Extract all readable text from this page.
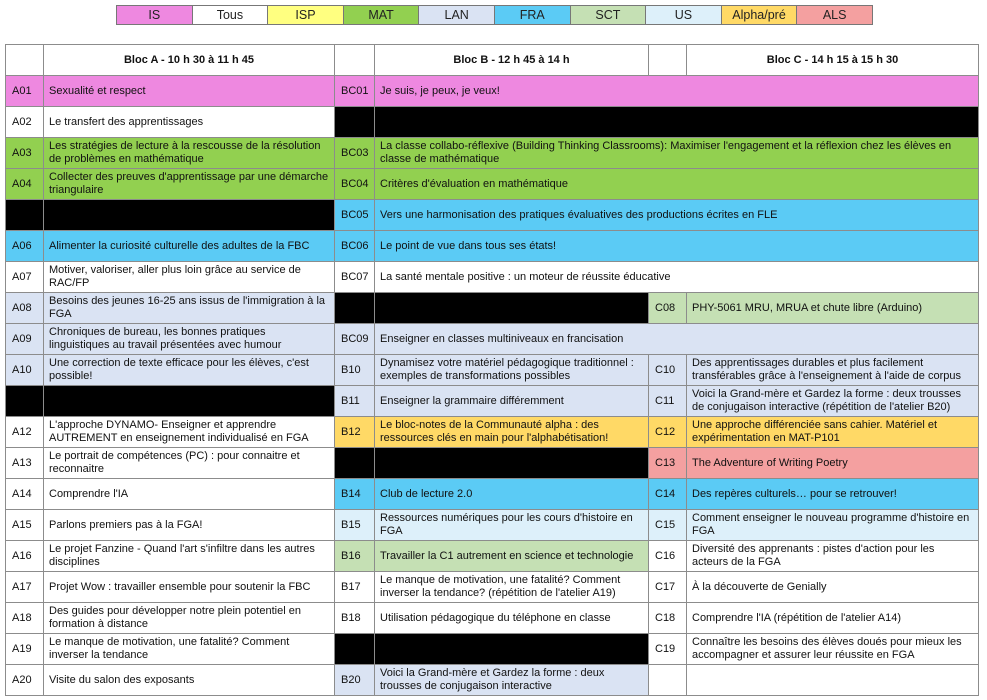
IS	Tous	ISP	MAT	LAN	FRA	SCT	US	Alpha/pré	ALS
	Bloc A - 10 h 30 à 11 h 45		Bloc B - 12 h 45 à 14 h		Bloc C - 14 h 15 à 15 h 30
A01	Sexualité et respect	BC01	Je suis, je peux, je veux!		
A02	Le transfert des apprentissages				
A03	Les stratégies de lecture à la rescousse de la résolution de problèmes en mathématique	BC03	La classe collabo-réflexive (Building Thinking Classrooms): Maximiser l'engagement et la réflexion chez les élèves en classe de mathématique		
A04	Collecter des preuves d'apprentissage par une démarche triangulaire	BC04	Critères d'évaluation en mathématique		
		BC05	Vers une harmonisation des pratiques évaluatives des productions écrites en FLE		
A06	Alimenter la curiosité culturelle des adultes de la FBC	BC06	Le point de vue dans tous ses états!		
A07	Motiver, valoriser, aller plus loin grâce au service de RAC/FP	BC07	La santé mentale positive : un moteur de réussite éducative		
A08	Besoins des jeunes 16-25 ans issus de l'immigration à la FGA			C08	PHY-5061 MRU, MRUA et chute libre (Arduino)
A09	Chroniques de bureau, les bonnes pratiques linguistiques au travail présentées avec humour	BC09	Enseigner en classes multiniveaux en francisation		
A10	Une correction de texte efficace pour les élèves, c'est possible!	B10	Dynamisez votre matériel pédagogique traditionnel : exemples de transformations possibles	C10	Des apprentissages durables et plus facilement transférables grâce à l'enseignement à l'aide de corpus
		B11	Enseigner la grammaire différemment	C11	Voici la Grand-mère et Gardez la forme : deux trousses de conjugaison interactive (répétition de l'atelier B20)
A12	L'approche DYNAMO- Enseigner et apprendre AUTREMENT en enseignement individualisé en FGA	B12	Le bloc-notes de la Communauté alpha : des ressources clés en main pour l'alphabétisation!	C12	Une approche différenciée sans cahier. Matériel et expérimentation en MAT-P101
A13	Le portrait de compétences (PC) : pour connaitre et reconnaitre			C13	The Adventure of Writing Poetry
A14	Comprendre l'IA	B14	Club de lecture 2.0	C14	Des repères culturels… pour se retrouver!
A15	Parlons premiers pas à la FGA!	B15	Ressources numériques pour les cours d'histoire en FGA	C15	Comment enseigner le nouveau programme d'histoire en FGA
A16	Le projet Fanzine - Quand l'art s'infiltre dans les autres disciplines	B16	Travailler la C1 autrement en science et technologie	C16	Diversité des apprenants : pistes d'action pour les acteurs de la FGA
A17	Projet Wow : travailler ensemble pour soutenir la FBC	B17	Le manque de motivation, une fatalité? Comment inverser la tendance? (répétition de l'atelier A19)	C17	À la découverte de Genially
A18	Des guides pour développer notre plein potentiel en formation à distance	B18	Utilisation pédagogique du téléphone en classe	C18	Comprendre l'IA (répétition de l'atelier A14)
A19	Le manque de motivation, une fatalité? Comment inverser la tendance			C19	Connaître les besoins des élèves doués pour mieux les accompagner et assurer leur réussite en FGA
A20	Visite du salon des exposants	B20	Voici la Grand-mère et Gardez la forme : deux trousses de conjugaison interactive		
